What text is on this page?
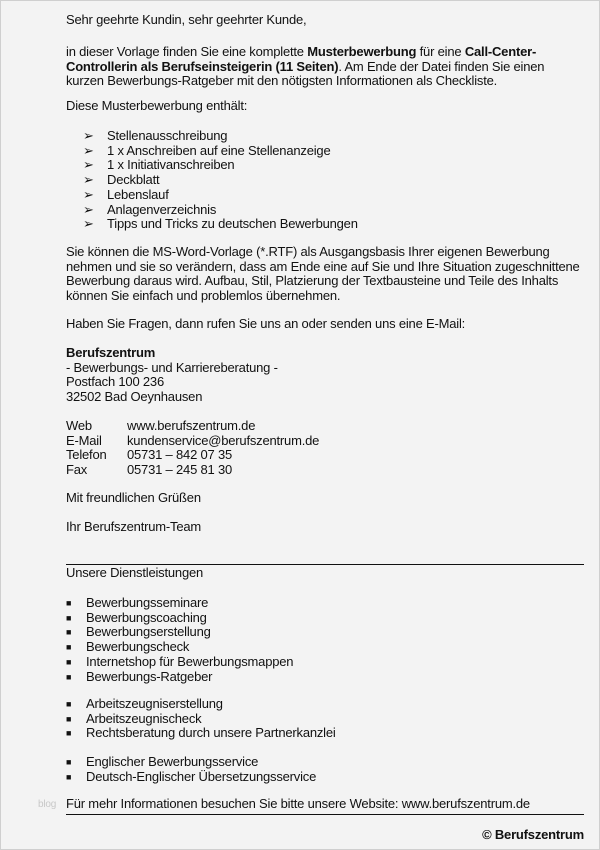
Sehr geehrte Kundin, sehr geehrter Kunde,
in dieser Vorlage finden Sie eine komplette Musterbewerbung für eine Call-Center-
Controllerin als Berufseinsteigerin (11 Seiten). Am Ende der Datei finden Sie einen
kurzen Bewerbungs-Ratgeber mit den nötigsten Informationen als Checkliste.
Diese Musterbewerbung enthält:
➢ Stellenausschreibung
➢ 1 x Anschreiben auf eine Stellenanzeige
➢ 1 x Initiativanschreiben
➢ Deckblatt
➢ Lebenslauf
➢ Anlagenverzeichnis
➢ Tipps und Tricks zu deutschen Bewerbungen
Sie können die MS-Word-Vorlage (*.RTF) als Ausgangsbasis Ihrer eigenen Bewerbung
nehmen und sie so verändern, dass am Ende eine auf Sie und Ihre Situation zugeschnittene
Bewerbung daraus wird. Aufbau, Stil, Platzierung der Textbausteine und Teile des Inhalts
können Sie einfach und problemlos übernehmen.
Haben Sie Fragen, dann rufen Sie uns an oder senden uns eine E-Mail:
Berufszentrum
- Bewerbungs- und Karriereberatung -
Postfach 100 236
32502 Bad Oeynhausen
Web	www.berufszentrum.de
E-Mail kundenservice@berufszentrum.de
Telefon 05731 – 842 07 35
Fax	05731 – 245 81 30
Mit freundlichen Grüßen
Ihr Berufszentrum-Team
Unsere Dienstleistungen
■ Bewerbungsseminare
■ Bewerbungscoaching
■ Bewerbungserstellung
■ Bewerbungscheck
■ Internetshop für Bewerbungsmappen
■ Bewerbungs-Ratgeber
■ Arbeitszeugniserstellung
■ Arbeitszeugnischeck
■ Rechtsberatung durch unsere Partnerkanzlei
■ Englischer Bewerbungsservice
■ Deutsch-Englischer Übersetzungsservice
blog Für mehr Informationen besuchen Sie bitte unsere Website: www.berufszentrum.de
© Berufszentrum
